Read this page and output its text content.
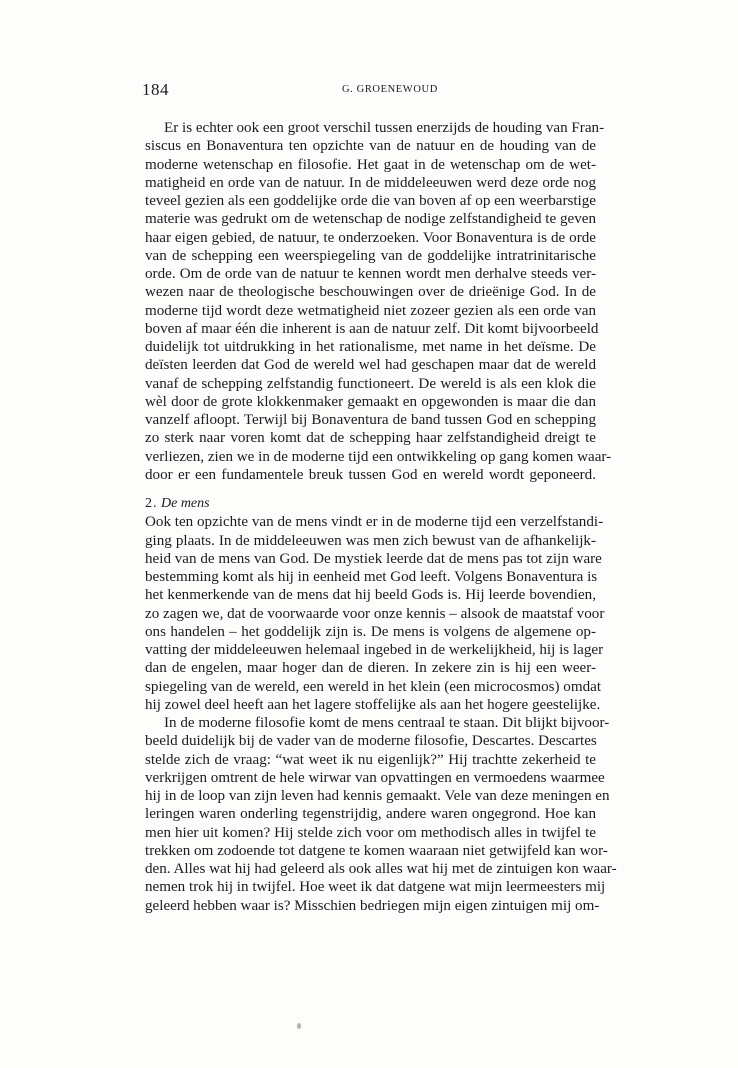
184	G. GROENEWOUD
Er is echter ook een groot verschil tussen enerzijds de houding van Fran-
siscus en Bonaventura ten opzichte van de natuur en de houding van de
moderne wetenschap en filosofie. Het gaat in de wetenschap om de wet-
matigheid en orde van de natuur. In de middeleeuwen werd deze orde nog
teveel gezien als een goddelijke orde die van boven af op een weerbarstige
materie was gedrukt om de wetenschap de nodige zelfstandigheid te geven
haar eigen gebied, de natuur, te onderzoeken. Voor Bonaventura is de orde
van de schepping een weerspiegeling van de goddelijke intratrinitarische
orde. Om de orde van de natuur te kennen wordt men derhalve steeds ver-
wezen naar de theologische beschouwingen over de drieënige God. In de
moderne tijd wordt deze wetmatigheid niet zozeer gezien als een orde van
boven af maar één die inherent is aan de natuur zelf. Dit komt bijvoorbeeld
duidelijk tot uitdrukking in het rationalisme, met name in het deïsme. De
deïsten leerden dat God de wereld wel had geschapen maar dat de wereld
vanaf de schepping zelfstandig functioneert. De wereld is als een klok die
wèl door de grote klokkenmaker gemaakt en opgewonden is maar die dan
vanzelf afloopt. Terwijl bij Bonaventura de band tussen God en schepping
zo sterk naar voren komt dat de schepping haar zelfstandigheid dreigt te
verliezen, zien we in de moderne tijd een ontwikkeling op gang komen waar-
door er een fundamentele breuk tussen God en wereld wordt geponeerd.
2. De mens
Ook ten opzichte van de mens vindt er in de moderne tijd een verzelfstandi-
ging plaats. In de middeleeuwen was men zich bewust van de afhankelijk-
heid van de mens van God. De mystiek leerde dat de mens pas tot zijn ware
bestemming komt als hij in eenheid met God leeft. Volgens Bonaventura is
het kenmerkende van de mens dat hij beeld Gods is. Hij leerde bovendien,
zo zagen we, dat de voorwaarde voor onze kennis – alsook de maatstaf voor
ons handelen – het goddelijk zijn is. De mens is volgens de algemene op-
vatting der middeleeuwen helemaal ingebed in de werkelijkheid, hij is lager
dan de engelen, maar hoger dan de dieren. In zekere zin is hij een weer-
spiegeling van de wereld, een wereld in het klein (een microcosmos) omdat
hij zowel deel heeft aan het lagere stoffelijke als aan het hogere geestelijke.
In de moderne filosofie komt de mens centraal te staan. Dit blijkt bijvoor-
beeld duidelijk bij de vader van de moderne filosofie, Descartes. Descartes
stelde zich de vraag: “wat weet ik nu eigenlijk?” Hij trachtte zekerheid te
verkrijgen omtrent de hele wirwar van opvattingen en vermoedens waarmee
hij in de loop van zijn leven had kennis gemaakt. Vele van deze meningen en
leringen waren onderling tegenstrijdig, andere waren ongegrond. Hoe kan
men hier uit komen? Hij stelde zich voor om methodisch alles in twijfel te
trekken om zodoende tot datgene te komen waaraan niet getwijfeld kan wor-
den. Alles wat hij had geleerd als ook alles wat hij met de zintuigen kon waar-
nemen trok hij in twijfel. Hoe weet ik dat datgene wat mijn leermeesters mij
geleerd hebben waar is? Misschien bedriegen mijn eigen zintuigen mij om-
